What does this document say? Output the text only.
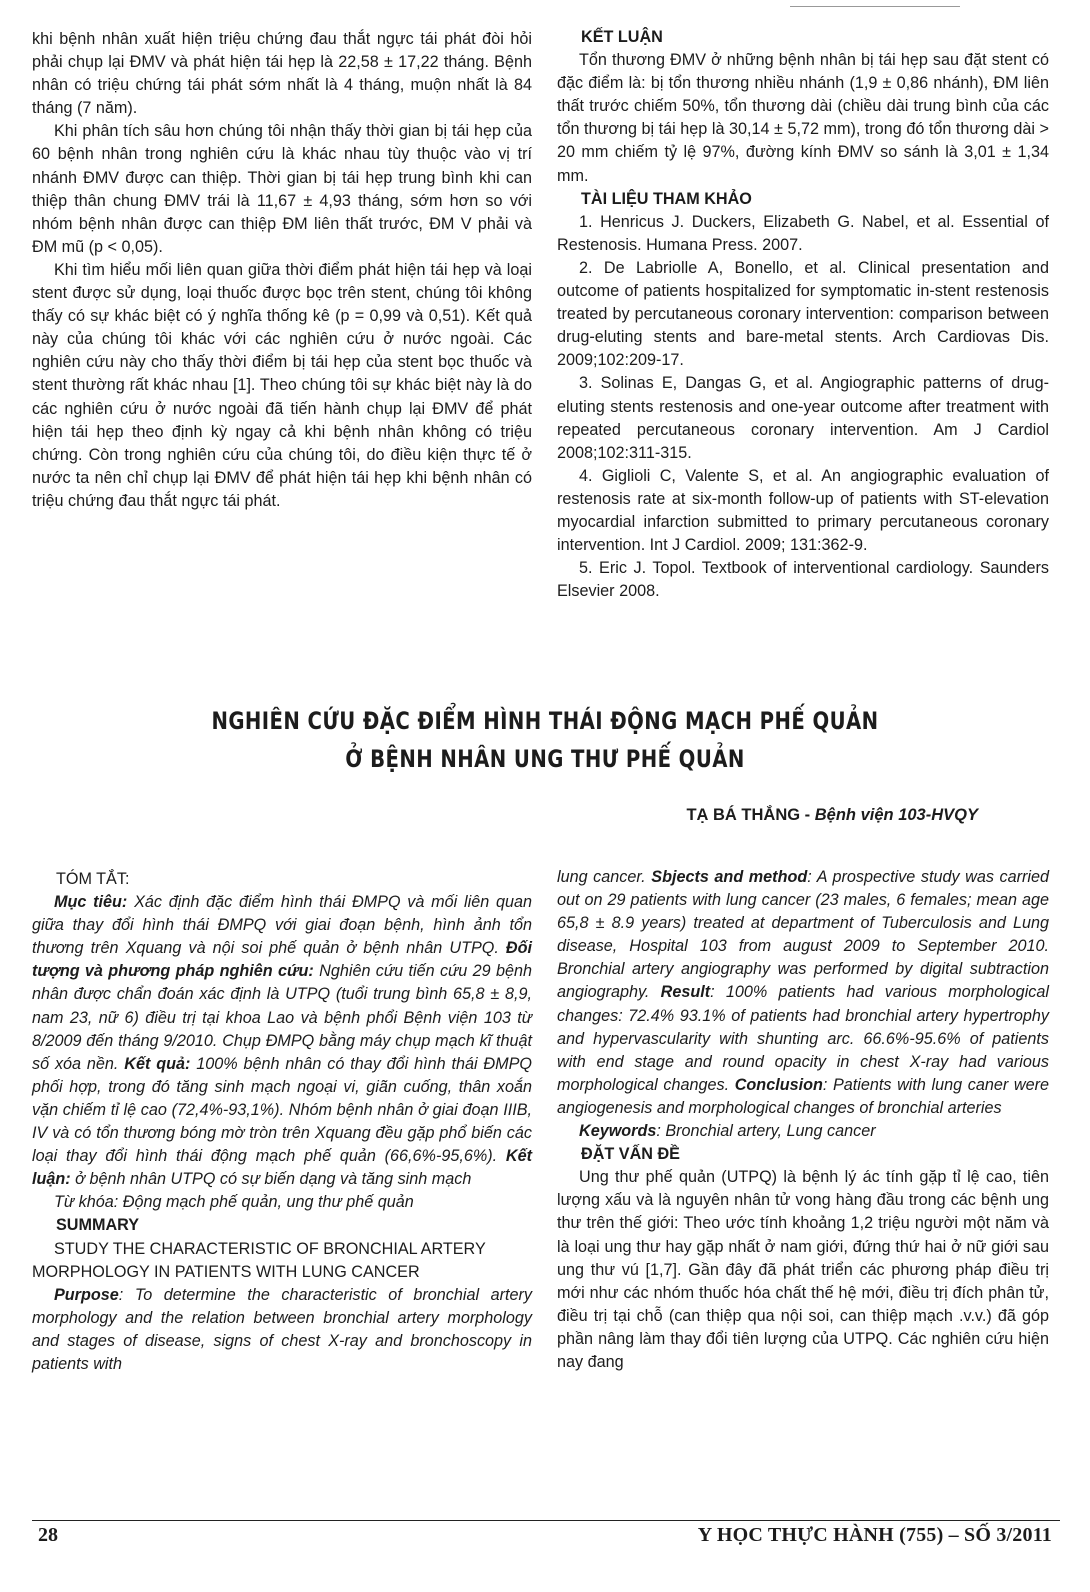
khi bệnh nhân xuất hiện triệu chứng đau thắt ngực tái phát đòi hỏi phải chụp lại ĐMV và phát hiện tái hẹp là 22,58 ± 17,22 tháng. Bệnh nhân có triệu chứng tái phát sớm nhất là 4 tháng, muộn nhất là 84 tháng (7 năm).

Khi phân tích sâu hơn chúng tôi nhận thấy thời gian bị tái hẹp của 60 bệnh nhân trong nghiên cứu là khác nhau tùy thuộc vào vị trí nhánh ĐMV được can thiệp. Thời gian bị tái hẹp trung bình khi can thiệp thân chung ĐMV trái là 11,67 ± 4,93 tháng, sớm hơn so với nhóm bệnh nhân được can thiệp ĐM liên thất trước, ĐM V phải và ĐM mũ (p < 0,05).

Khi tìm hiểu mối liên quan giữa thời điểm phát hiện tái hẹp và loại stent được sử dụng, loại thuốc được bọc trên stent, chúng tôi không thấy có sự khác biệt có ý nghĩa thống kê (p = 0,99 và 0,51). Kết quả này của chúng tôi khác với các nghiên cứu ở nước ngoài. Các nghiên cứu này cho thấy thời điểm bị tái hẹp của stent bọc thuốc và stent thường rất khác nhau [1]. Theo chúng tôi sự khác biệt này là do các nghiên cứu ở nước ngoài đã tiến hành chụp lại ĐMV để phát hiện tái hẹp theo định kỳ ngay cả khi bệnh nhân không có triệu chứng. Còn trong nghiên cứu của chúng tôi, do điều kiện thực tế ở nước ta nên chỉ chụp lại ĐMV để phát hiện tái hẹp khi bệnh nhân có triệu chứng đau thắt ngực tái phát.

KẾT LUẬN

Tổn thương ĐMV ở những bệnh nhân bị tái hẹp sau đặt stent có đặc điểm là: bị tổn thương nhiều nhánh (1,9 ± 0,86 nhánh), ĐM liên thất trước chiếm 50%, tổn thương dài (chiều dài trung bình của các tổn thương bị tái hẹp là 30,14 ± 5,72 mm), trong đó tổn thương dài > 20 mm chiếm tỷ lệ 97%, đường kính ĐMV so sánh là 3,01 ± 1,34 mm.

TÀI LIỆU THAM KHẢO

1. Henricus J. Duckers, Elizabeth G. Nabel, et al. Essential of Restenosis. Humana Press. 2007.

2. De Labriolle A, Bonello, et al. Clinical presentation and outcome of patients hospitalized for symptomatic in-stent restenosis treated by percutaneous coronary intervention: comparison between drug-eluting stents and bare-metal stents. Arch Cardiovas Dis. 2009;102:209-17.

3. Solinas E, Dangas G, et al. Angiographic patterns of drug-eluting stents restenosis and one-year outcome after treatment with repeated percutaneous coronary intervention. Am J Cardiol 2008;102:311-315.

4. Giglioli C, Valente S, et al. An angiographic evaluation of restenosis rate at six-month follow-up of patients with ST-elevation myocardial infarction submitted to primary percutaneous coronary intervention. Int J Cardiol. 2009; 131:362-9.

5. Eric J. Topol. Textbook of interventional cardiology. Saunders Elsevier 2008.

NGHIÊN CỨU ĐẶC ĐIỂM HÌNH THÁI ĐỘNG MẠCH PHẾ QUẢN
Ở BỆNH NHÂN UNG THƯ PHẾ QUẢN
TẠ BÁ THẮNG - Bệnh viện 103-HVQY
TÓM TẮT:

Mục tiêu: Xác định đặc điểm hình thái ĐMPQ và mối liên quan giữa thay đổi hình thái ĐMPQ với giai đoạn bệnh, hình ảnh tổn thương trên Xquang và nội soi phế quản ở bệnh nhân UTPQ. Đối tượng và phương pháp nghiên cứu: Nghiên cứu tiến cứu 29 bệnh nhân được chẩn đoán xác định là UTPQ (tuổi trung bình 65,8 ± 8,9, nam 23, nữ 6) điều trị tại khoa Lao và bệnh phổi Bệnh viện 103 từ 8/2009 đến tháng 9/2010. Chụp ĐMPQ bằng máy chụp mạch kĩ thuật số xóa nền. Kết quả: 100% bệnh nhân có thay đổi hình thái ĐMPQ phối hợp, trong đó tăng sinh mạch ngoại vi, giãn cuống, thân xoắn vặn chiếm tỉ lệ cao (72,4%-93,1%). Nhóm bệnh nhân ở giai đoạn IIIB, IV và có tổn thương bóng mờ tròn trên Xquang đều gặp phổ biến các loại thay đổi hình thái động mạch phế quản (66,6%-95,6%). Kết luận: ở bệnh nhân UTPQ có sự biến dạng và tăng sinh mạch

Từ khóa: Động mạch phế quản, ung thư phế quản

SUMMARY

STUDY THE CHARACTERISTIC OF BRONCHIAL ARTERY MORPHOLOGY IN PATIENTS WITH LUNG CANCER

Purpose: To determine the characteristic of bronchial artery morphology and the relation between bronchial artery morphology and stages of disease, signs of chest X-ray and bronchoscopy in patients with

lung cancer. Sbjects and method: A prospective study was carried out on 29 patients with lung cancer (23 males, 6 females; mean age 65,8 ± 8.9 years) treated at department of Tuberculosis and Lung disease, Hospital 103 from august 2009 to September 2010. Bronchial artery angiography was performed by digital subtraction angiography. Result: 100% patients had various morphological changes: 72.4% 93.1% of patients had bronchial artery hypertrophy and hypervascularity with shunting arc. 66.6%-95.6% of patients with end stage and round opacity in chest X-ray had various morphological changes. Conclusion: Patients with lung caner were angiogenesis and morphological changes of bronchial arteries

Keywords: Bronchial artery, Lung cancer

ĐẶT VẤN ĐỀ

Ung thư phế quản (UTPQ) là bệnh lý ác tính gặp tỉ lệ cao, tiên lượng xấu và là nguyên nhân tử vong hàng đầu trong các bệnh ung thư trên thế giới: Theo ước tính khoảng 1,2 triệu người một năm và là loại ung thư hay gặp nhất ở nam giới, đứng thứ hai ở nữ giới sau ung thư vú [1,7]. Gần đây đã phát triển các phương pháp điều trị mới như các nhóm thuốc hóa chất thế hệ mới, điều trị đích phân tử, điều trị tại chỗ (can thiệp qua nội soi, can thiệp mạch .v.v.) đã góp phần nâng làm thay đổi tiên lượng của UTPQ. Các nghiên cứu hiện nay đang

28	Y HỌC THỰC HÀNH (755) – SỐ 3/2011
